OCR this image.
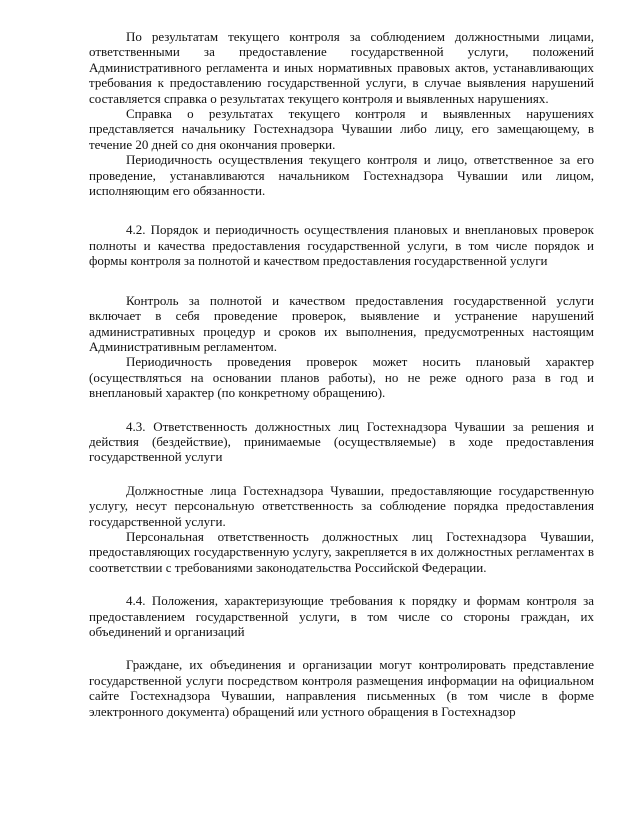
По результатам текущего контроля за соблюдением должностными лицами, ответственными за предоставление государственной услуги, положений Административного регламента и иных нормативных правовых актов, устанавливающих требования к предоставлению государственной услуги, в случае выявления нарушений составляется справка о результатах текущего контроля и выявленных нарушениях.

Справка о результатах текущего контроля и выявленных нарушениях представляется начальнику Гостехнадзора Чувашии либо лицу, его замещающему, в течение 20 дней со дня окончания проверки.

Периодичность осуществления текущего контроля и лицо, ответственное за его проведение, устанавливаются начальником Гостехнадзора Чувашии или лицом, исполняющим его обязанности.

4.2. Порядок и периодичность осуществления плановых и внеплановых проверок полноты и качества предоставления государственной услуги, в том числе порядок и формы контроля за полнотой и качеством предоставления государственной услуги

Контроль за полнотой и качеством предоставления государственной услуги включает в себя проведение проверок, выявление и устранение нарушений административных процедур и сроков их выполнения, предусмотренных настоящим Административным регламентом.

Периодичность проведения проверок может носить плановый характер (осуществляться на основании планов работы), но не реже одного раза в год и внеплановый характер (по конкретному обращению).

4.3. Ответственность должностных лиц Гостехнадзора Чувашии за решения и действия (бездействие), принимаемые (осуществляемые) в ходе предоставления государственной услуги

Должностные лица Гостехнадзора Чувашии, предоставляющие государственную услугу, несут персональную ответственность за соблюдение порядка предоставления государственной услуги.

Персональная ответственность должностных лиц Гостехнадзора Чувашии, предоставляющих государственную услугу, закрепляется в их должностных регламентах в соответствии с требованиями законодательства Российской Федерации.

4.4. Положения, характеризующие требования к порядку и формам контроля за предоставлением государственной услуги, в том числе со стороны граждан, их объединений и организаций

Граждане, их объединения и организации могут контролировать представление государственной услуги посредством контроля размещения информации на официальном сайте Гостехнадзора Чувашии, направления письменных (в том числе в форме электронного документа) обращений или устного обращения в Гостехнадзор
